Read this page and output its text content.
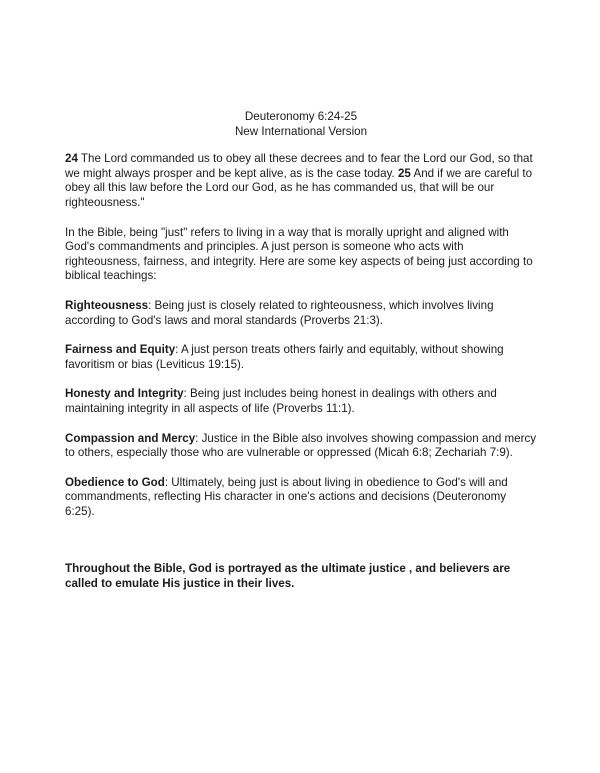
Deuteronomy 6:24-25

New International Version

24 The Lord commanded us to obey all these decrees and to fear the Lord our God, so that we might always prosper and be kept alive, as is the case today. 25 And if we are careful to obey all this law before the Lord our God, as he has commanded us, that will be our righteousness."

In the Bible, being "just" refers to living in a way that is morally upright and aligned with God's commandments and principles. A just person is someone who acts with righteousness, fairness, and integrity. Here are some key aspects of being just according to biblical teachings:

Righteousness: Being just is closely related to righteousness, which involves living according to God's laws and moral standards (Proverbs 21:3).

Fairness and Equity: A just person treats others fairly and equitably, without showing favoritism or bias (Leviticus 19:15).

Honesty and Integrity: Being just includes being honest in dealings with others and maintaining integrity in all aspects of life (Proverbs 11:1).

Compassion and Mercy: Justice in the Bible also involves showing compassion and mercy to others, especially those who are vulnerable or oppressed (Micah 6:8; Zechariah 7:9).

Obedience to God: Ultimately, being just is about living in obedience to God's will and commandments, reflecting His character in one's actions and decisions (Deuteronomy 6:25).

Throughout the Bible, God is portrayed as the ultimate justice , and believers are called to emulate His justice in their lives.
